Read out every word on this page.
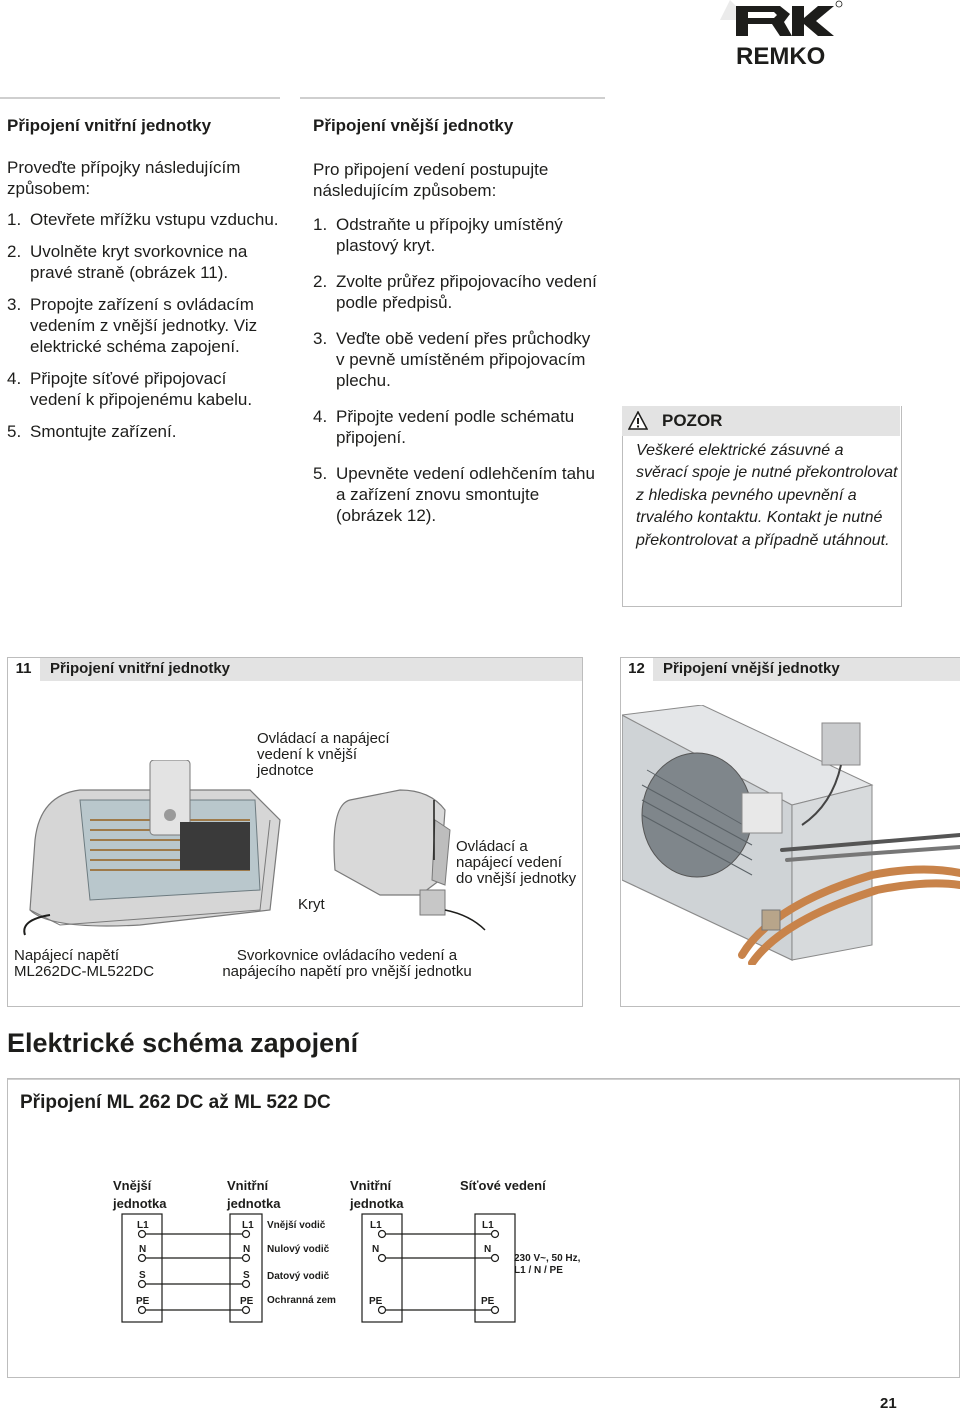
REMKO
Připojení vnitřní jednotky

Proveďte přípojky následujícím způsobem:

1. Otevřete mřížku vstupu vzduchu.
2. Uvolněte kryt svorkovnice na pravé straně (obrázek 11).
3. Propojte zařízení s ovládacím vedením z vnější jednotky. Viz elektrické schéma zapojení.
4. Připojte síťové připojovací vedení k připojenému kabelu.
5. Smontujte zařízení.
Připojení vnější jednotky

Pro připojení vedení postupujte následujícím způsobem:

1. Odstraňte u přípojky umístěný plastový kryt.
2. Zvolte průřez připojovacího vedení podle předpisů.
3. Veďte obě vedení přes průchodky v pevně umístěném připojovacím plechu.
4. Připojte vedení podle schématu připojení.
5. Upevněte vedení odlehčením tahu a zařízení znovu smontujte (obrázek 12).
POZOR
Veškeré elektrické zásuvné a svěrací spoje je nutné překontrolovat z hlediska pevného upevnění a trvalého kontaktu. Kontakt je nutné překontrolovat a případně utáhnout.
11	Připojení vnitřní jednotky	12	Připojení vnější jednotky
Ovládací a napájecí vedení k vnější jednotce
Kryt
Ovládací a napájecí vedení do vnější jednotky
Napájecí napětí ML262DC-ML522DC
Svorkovnice ovládacího vedení a napájecího napětí pro vnější jednotku
Elektrické schéma zapojení
Připojení ML 262 DC až ML 522 DC
Vnější jednotka
Vnitřní jednotka
Vnitřní jednotka
Síťové vedení
L1
N
S
PE
L1
N
S
PE
Vnější vodič
Nulový vodič
Datový vodič
Ochranná zem
L1
N
PE
L1
N
PE
230 V~, 50 Hz, L1 / N / PE
21
